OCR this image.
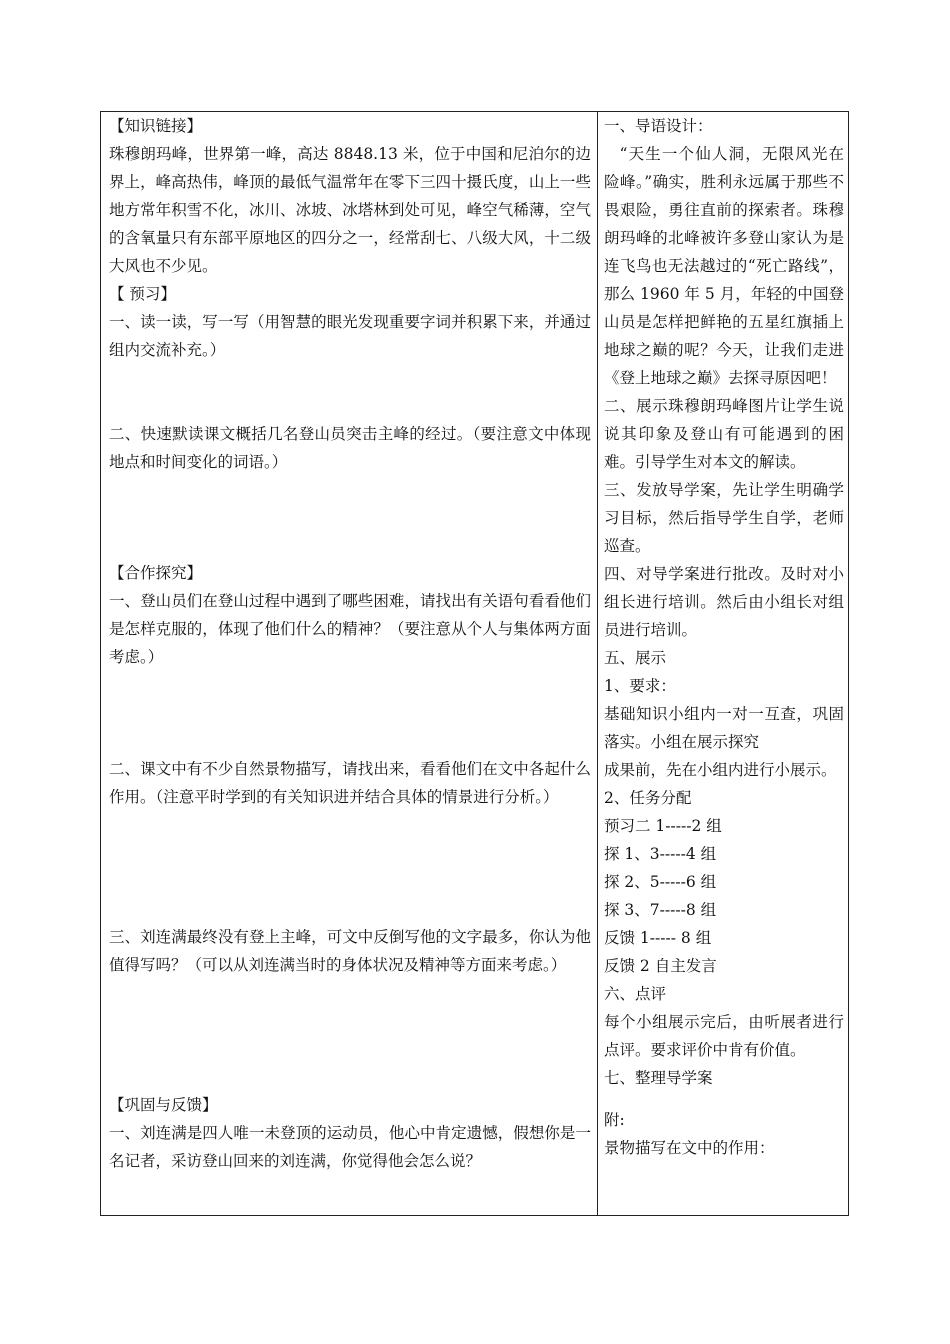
【知识链接】

珠穆朗玛峰，世界第一峰，高达 8848.13 米，位于中国和尼泊尔的边界上，峰高热伟，峰顶的最低气温常年在零下三四十摄氏度，山上一些地方常年积雪不化，冰川、冰坡、冰塔林到处可见，峰空气稀薄，空气的含氧量只有东部平原地区的四分之一，经常刮七、八级大风，十二级大风也不少见。

【 预习】

一、读一读，写一写（用智慧的眼光发现重要字词并积累下来，并通过组内交流补充。）

二、快速默读课文概括几名登山员突击主峰的经过。（要注意文中体现地点和时间变化的词语。）

【合作探究】

一、登山员们在登山过程中遇到了哪些困难，请找出有关语句看看他们是怎样克服的，体现了他们什么的精神？（要注意从个人与集体两方面考虑。）

二、课文中有不少自然景物描写，请找出来，看看他们在文中各起什么作用。（注意平时学到的有关知识进并结合具体的情景进行分析。）

三、刘连满最终没有登上主峰，可文中反倒写他的文字最多，你认为他值得写吗？（可以从刘连满当时的身体状况及精神等方面来考虑。）

【巩固与反馈】

一、刘连满是四人唯一未登顶的运动员，他心中肯定遗憾，假想你是一名记者，采访登山回来的刘连满，你觉得他会怎么说？

一、导语设计：

“天生一个仙人洞，无限风光在险峰。”确实，胜利永远属于那些不畏艰险，勇往直前的探索者。珠穆朗玛峰的北峰被许多登山家认为是连飞鸟也无法越过的“死亡路线”，那么 1960 年 5 月，年轻的中国登山员是怎样把鲜艳的五星红旗插上地球之巅的呢？今天，让我们走进《登上地球之巅》去探寻原因吧！

二、展示珠穆朗玛峰图片让学生说说其印象及登山有可能遇到的困难。引导学生对本文的解读。

三、发放导学案，先让学生明确学习目标，然后指导学生自学，老师巡查。

四、对导学案进行批改。及时对小组长进行培训。然后由小组长对组员进行培训。

五、展示

1、要求：

基础知识小组内一对一互查，巩固落实。小组在展示探究

成果前，先在小组内进行小展示。

2、任务分配

预习二 1-----2 组

探 1、3-----4 组

探 2、5-----6 组

探 3、7-----8 组

反馈 1----- 8 组

反馈 2 自主发言

六、点评

每个小组展示完后，由听展者进行点评。要求评价中肯有价值。

七、整理导学案

附:

景物描写在文中的作用：
